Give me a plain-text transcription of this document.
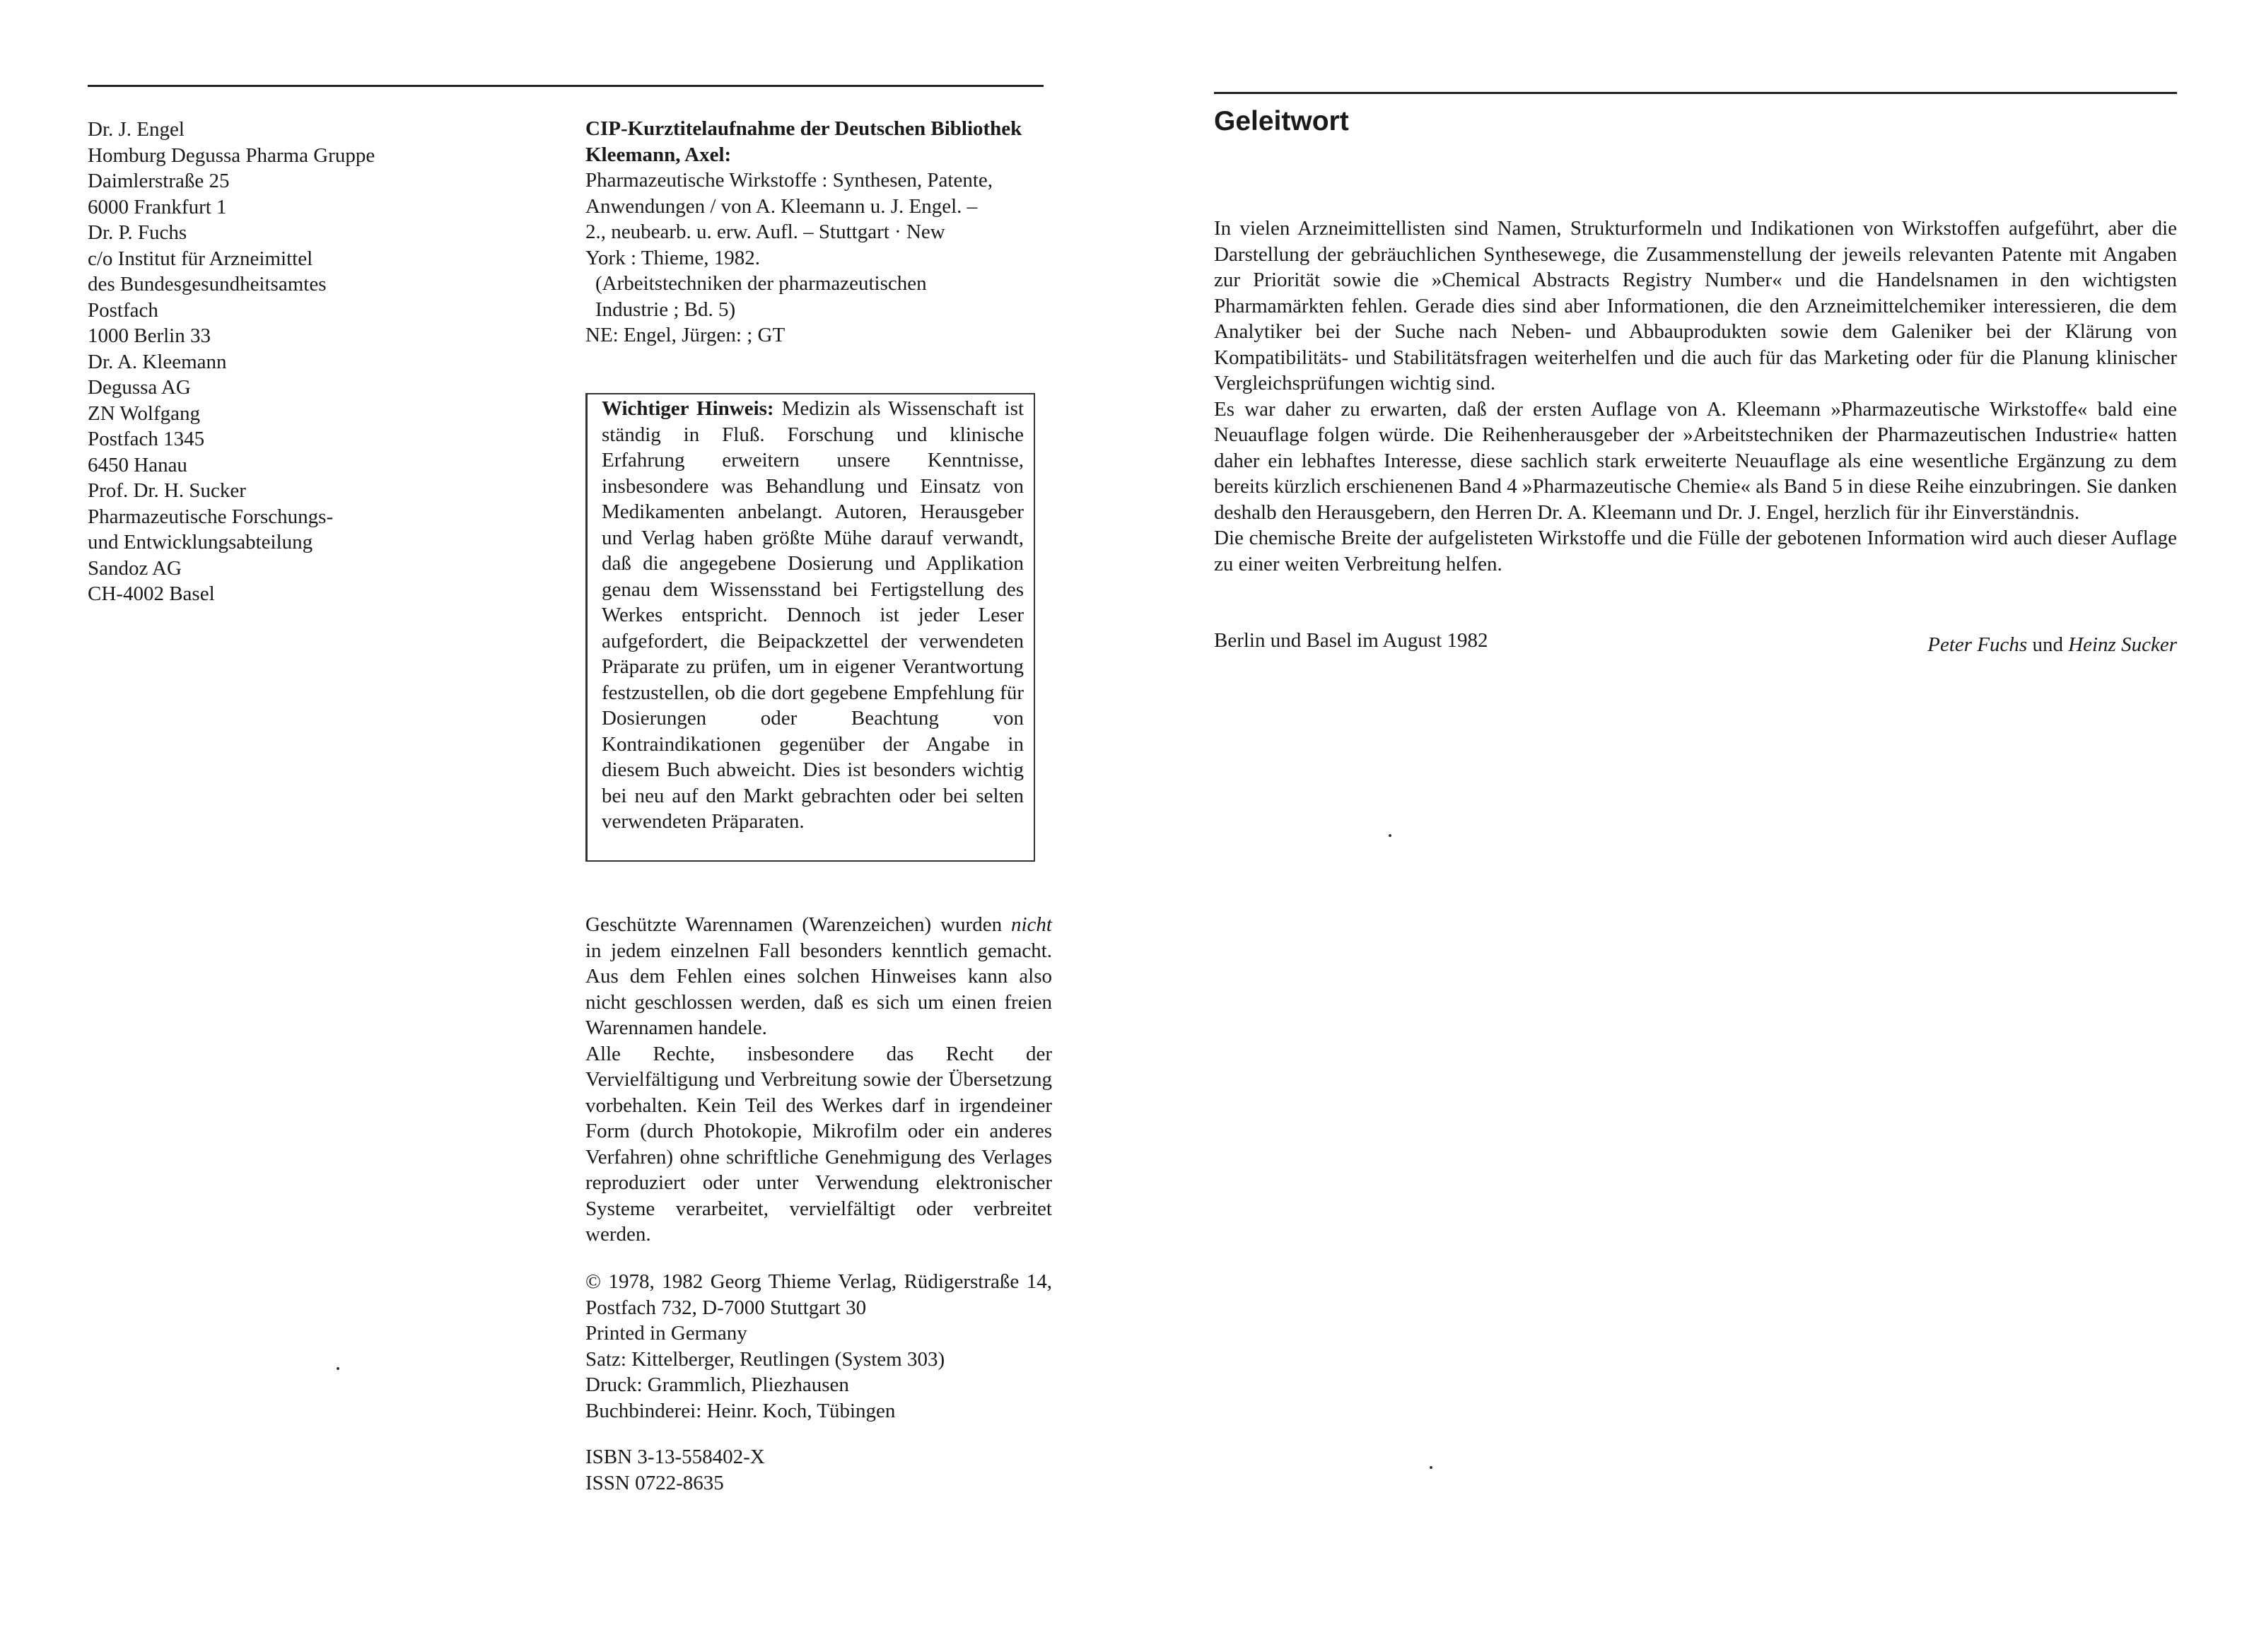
Dr. J. Engel
Homburg Degussa Pharma Gruppe
Daimlerstraße 25
6000 Frankfurt 1

Dr. P. Fuchs
c/o Institut für Arzneimittel
des Bundesgesundheitsamtes
Postfach
1000 Berlin 33

Dr. A. Kleemann
Degussa AG
ZN Wolfgang
Postfach 1345
6450 Hanau

Prof. Dr. H. Sucker
Pharmazeutische Forschungs-
und Entwicklungsabteilung
Sandoz AG
CH-4002 Basel

CIP-Kurztitelaufnahme der Deutschen Bibliothek
Kleemann, Axel:

Pharmazeutische Wirkstoffe : Synthesen, Patente,
Anwendungen / von A. Kleemann u. J. Engel. –
2., neubearb. u. erw. Aufl. – Stuttgart · New
York : Thieme, 1982.

(Arbeitstechniken der pharmazeutischen
Industrie ; Bd. 5)

NE: Engel, Jürgen: ; GT

Wichtiger Hinweis: Medizin als Wissenschaft ist ständig in Fluß. Forschung und klinische Erfahrung erweitern unsere Kenntnisse, insbesondere was Behandlung und Einsatz von Medikamenten anbelangt. Autoren, Herausgeber und Verlag haben größte Mühe darauf verwandt, daß die angegebene Dosierung und Applikation genau dem Wissensstand bei Fertigstellung des Werkes entspricht. Dennoch ist jeder Leser aufgefordert, die Beipackzettel der verwendeten Präparate zu prüfen, um in eigener Verantwortung festzustellen, ob die dort gegebene Empfehlung für Dosierungen oder Beachtung von Kontraindikationen gegenüber der Angabe in diesem Buch abweicht. Dies ist besonders wichtig bei neu auf den Markt gebrachten oder bei selten verwendeten Präparaten.

Geschützte Warennamen (Warenzeichen) wurden nicht in jedem einzelnen Fall besonders kenntlich gemacht. Aus dem Fehlen eines solchen Hinweises kann also nicht geschlossen werden, daß es sich um einen freien Warennamen handele.

Alle Rechte, insbesondere das Recht der Vervielfältigung und Verbreitung sowie der Übersetzung vorbehalten. Kein Teil des Werkes darf in irgendeiner Form (durch Photokopie, Mikrofilm oder ein anderes Verfahren) ohne schriftliche Genehmigung des Verlages reproduziert oder unter Verwendung elektronischer Systeme verarbeitet, vervielfältigt oder verbreitet werden.

© 1978, 1982 Georg Thieme Verlag, Rüdigerstraße 14, Postfach 732, D-7000 Stuttgart 30

Printed in Germany

Satz: Kittelberger, Reutlingen (System 303)

Druck: Grammlich, Pliezhausen

Buchbinderei: Heinr. Koch, Tübingen

ISBN 3-13-558402-X

ISSN 0722-8635

Geleitwort

In vielen Arzneimittellisten sind Namen, Strukturformeln und Indikationen von Wirkstoffen aufgeführt, aber die Darstellung der gebräuchlichen Synthesewege, die Zusammenstellung der jeweils relevanten Patente mit Angaben zur Priorität sowie die »Chemical Abstracts Registry Number« und die Handelsnamen in den wichtigsten Pharmamärkten fehlen. Gerade dies sind aber Informationen, die den Arzneimittelchemiker interessieren, die dem Analytiker bei der Suche nach Neben- und Abbauprodukten sowie dem Galeniker bei der Klärung von Kompatibilitäts- und Stabilitätsfragen weiterhelfen und die auch für das Marketing oder für die Planung klinischer Vergleichsprüfungen wichtig sind.

Es war daher zu erwarten, daß der ersten Auflage von A. Kleemann »Pharmazeutische Wirkstoffe« bald eine Neuauflage folgen würde. Die Reihenherausgeber der »Arbeitstechniken der Pharmazeutischen Industrie« hatten daher ein lebhaftes Interesse, diese sachlich stark erweiterte Neuauflage als eine wesentliche Ergänzung zu dem bereits kürzlich erschienenen Band 4 »Pharmazeutische Chemie« als Band 5 in diese Reihe einzubringen. Sie danken deshalb den Herausgebern, den Herren Dr. A. Kleemann und Dr. J. Engel, herzlich für ihr Einverständnis.

Die chemische Breite der aufgelisteten Wirkstoffe und die Fülle der gebotenen Information wird auch dieser Auflage zu einer weiten Verbreitung helfen.

Berlin und Basel im August 1982	Peter Fuchs und Heinz Sucker
